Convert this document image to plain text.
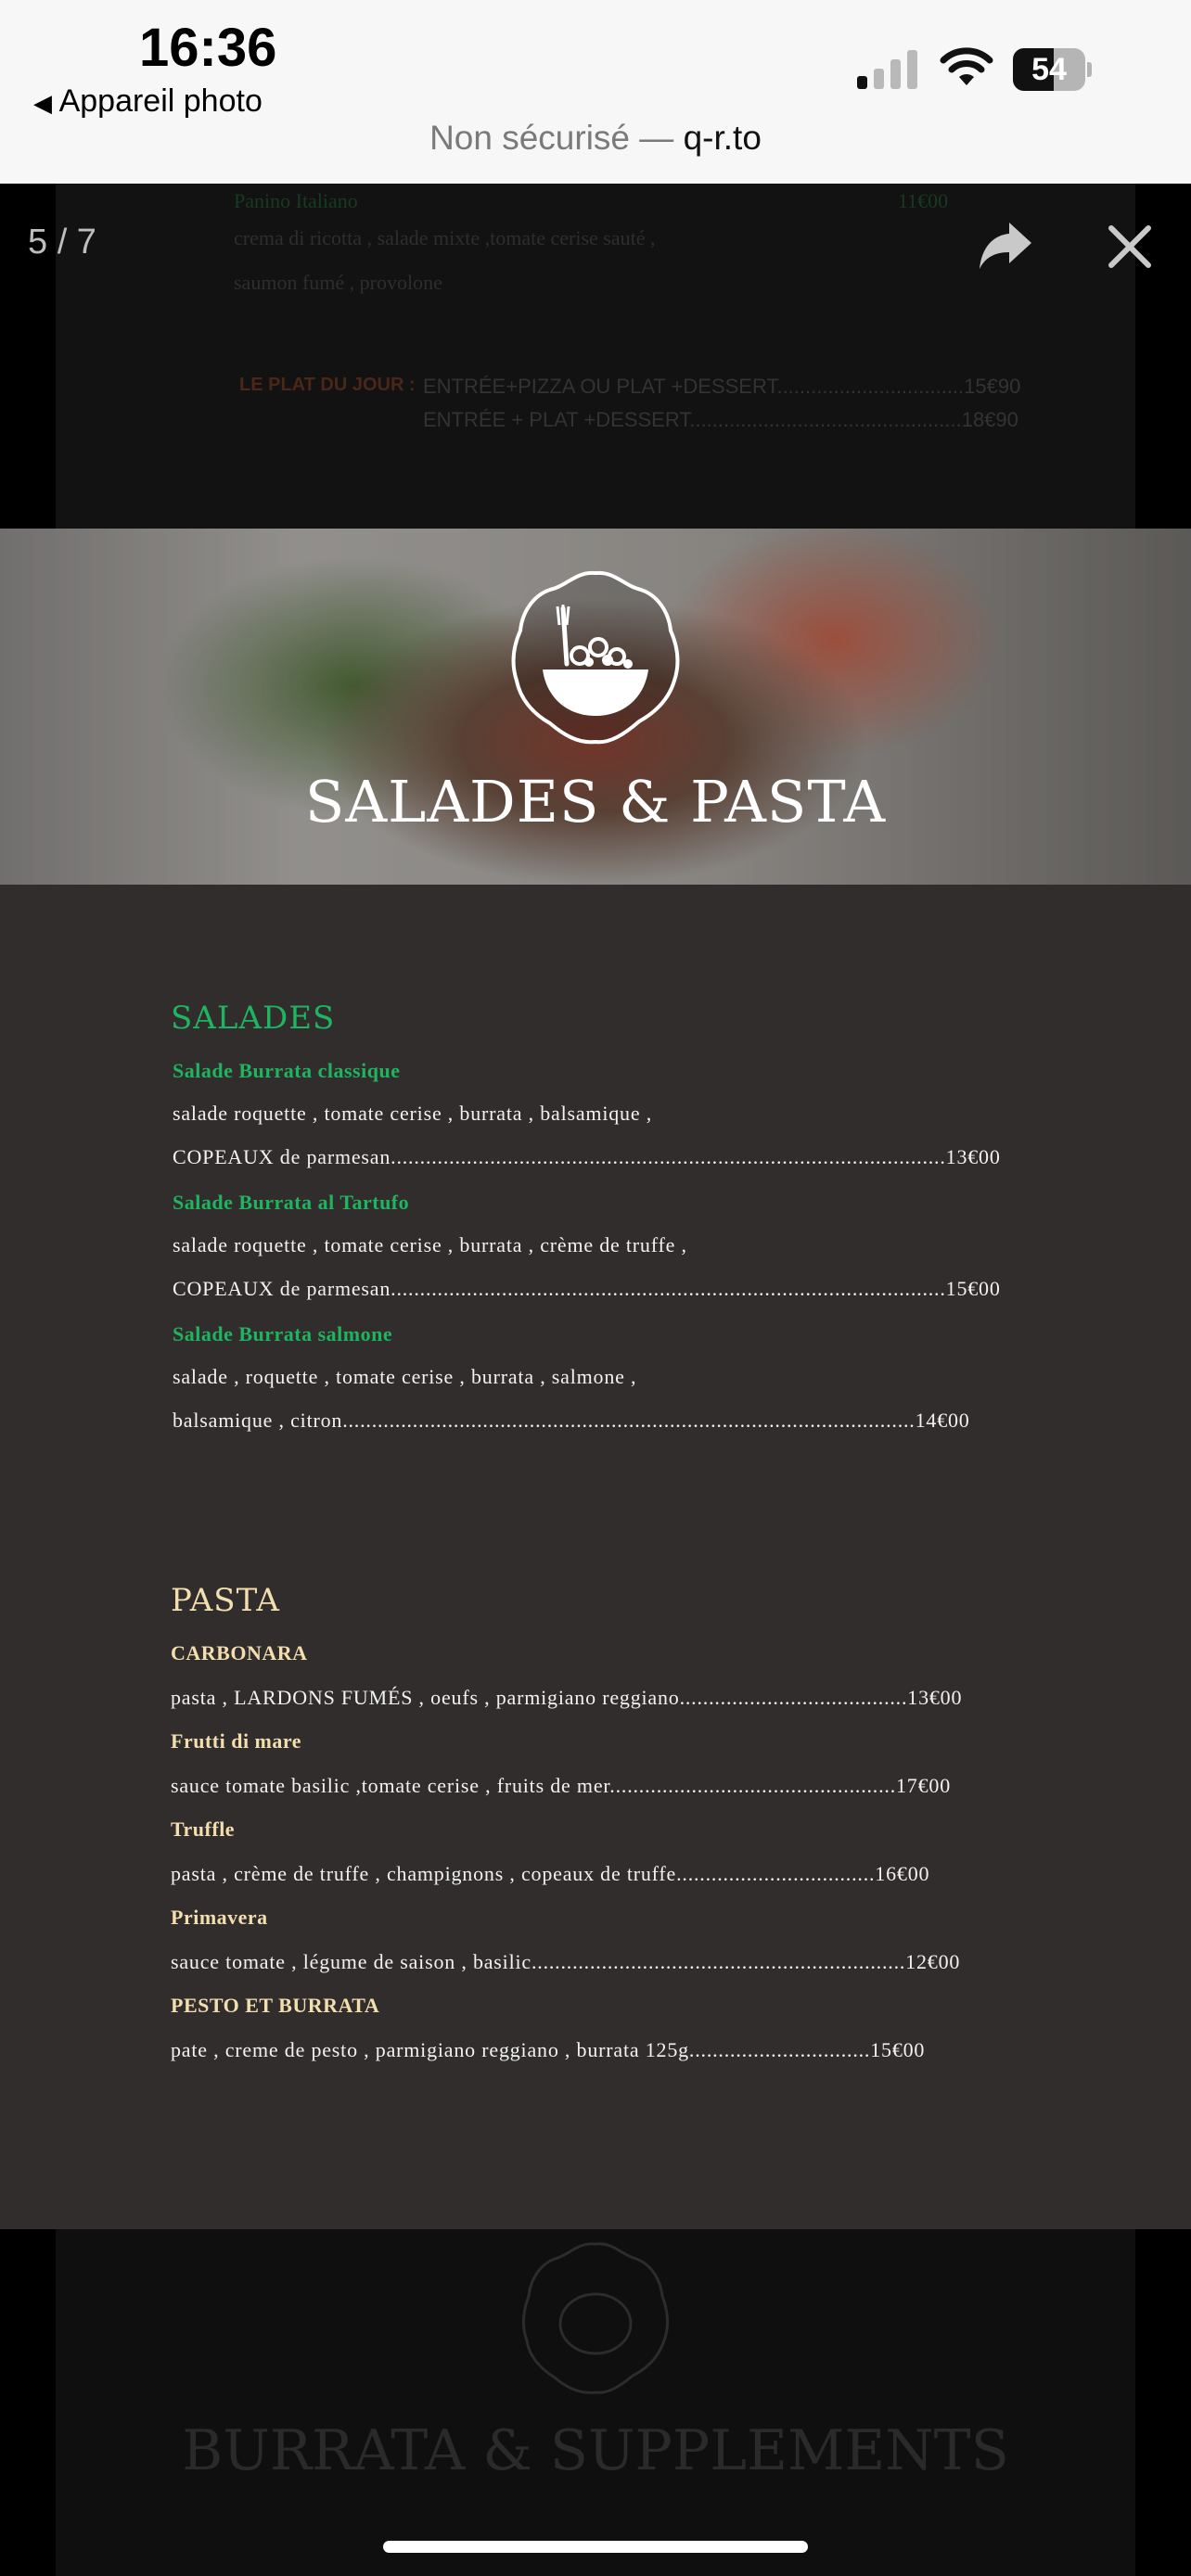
16:36
◀ Appareil photo
54
Non sécurisé — q-r.to
Panino Italiano	11€00
crema di ricotta , salade mixte ,tomate cerise sauté ,
saumon fumé , provolone
LE PLAT DU JOUR : ENTRÉE+PIZZA OU PLAT +DESSERT.................................15€90
ENTRÉE + PLAT +DESSERT................................................18€90
5 / 7
SALADES & PASTA
SALADES
Salade Burrata classique
salade roquette , tomate cerise , burrata , balsamique ,
COPEAUX de parmesan...............................................................................................13€00
Salade Burrata al Tartufo
salade roquette , tomate cerise , burrata , crème de truffe ,
COPEAUX de parmesan...............................................................................................15€00
Salade Burrata salmone
salade , roquette , tomate cerise , burrata , salmone ,
balsamique , citron..................................................................................................14€00
PASTA
CARBONARA
pasta , LARDONS FUMÉS , oeufs , parmigiano reggiano.......................................13€00
Frutti di mare
sauce tomate basilic ,tomate cerise , fruits de mer.................................................17€00
Truffle
pasta , crème de truffe , champignons , copeaux de truffe..................................16€00
Primavera
sauce tomate , légume de saison , basilic................................................................12€00
PESTO ET BURRATA
pate , creme de pesto , parmigiano reggiano , burrata 125g...............................15€00
BURRATA & SUPPLEMENTS
